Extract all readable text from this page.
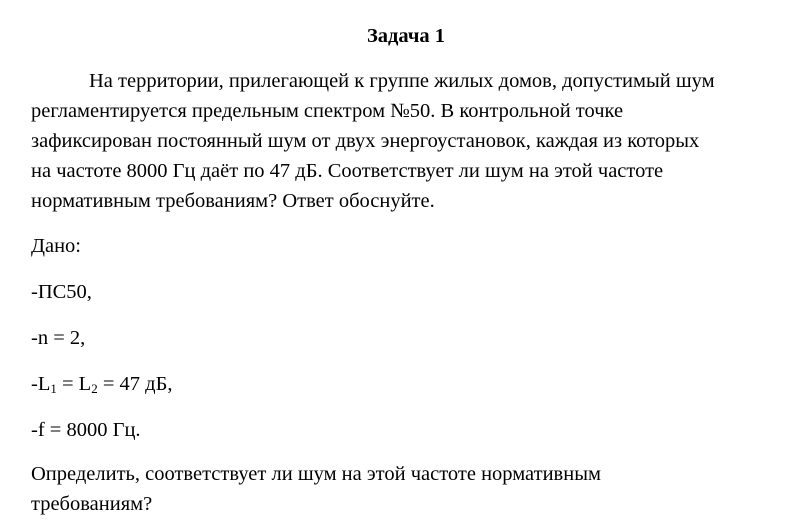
Задача 1

На территории, прилегающей к группе жилых домов, допустимый шум
регламентируется предельным спектром №50. В контрольной точке
зафиксирован постоянный шум от двух энергоустановок, каждая из которых
на частоте 8000 Гц даёт по 47 дБ. Соответствует ли шум на этой частоте
нормативным требованиям? Ответ обоснуйте.

Дано:
-ПС50,
-n = 2,
$-L_1 = L_2 = 47$ дБ,
-f = 8000 Гц.
Определить, соответствует ли шум на этой частоте нормативным
требованиям?
